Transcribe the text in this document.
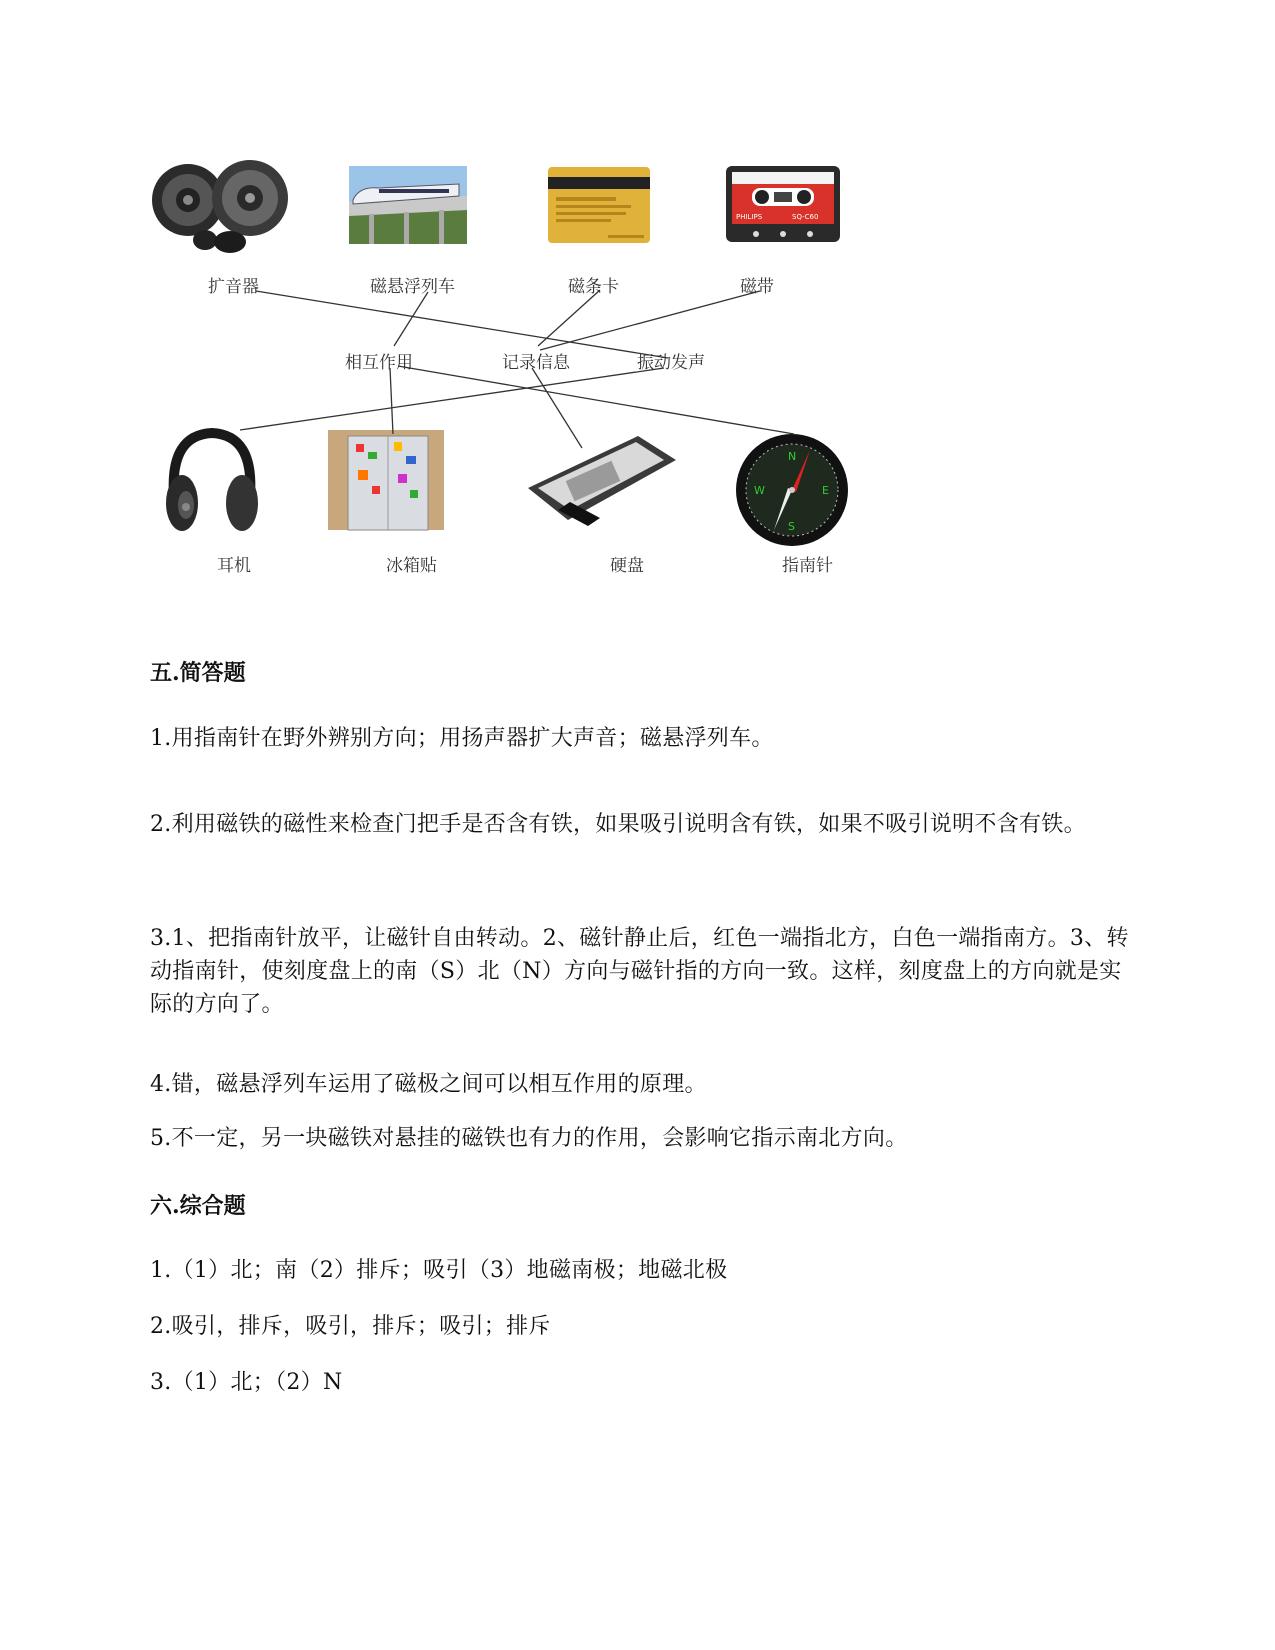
PHILIPS	SQ-C60
N
S
E
W
扩音器	磁悬浮列车	磁条卡	磁带
相互作用	记录信息	振动发声
耳机	冰箱贴	硬盘	指南针
五.简答题
1.用指南针在野外辨别方向；用扬声器扩大声音；磁悬浮列车。
2.利用磁铁的磁性来检查门把手是否含有铁，如果吸引说明含有铁，如果不吸引说明不含有铁。
3.1、把指南针放平，让磁针自由转动。2、磁针静止后，红色一端指北方，白色一端指南方。3、转动指南针，使刻度盘上的南（S）北（N）方向与磁针指的方向一致。这样，刻度盘上的方向就是实际的方向了。
4.错，磁悬浮列车运用了磁极之间可以相互作用的原理。
5.不一定，另一块磁铁对悬挂的磁铁也有力的作用，会影响它指示南北方向。
六.综合题
1.（1）北；南（2）排斥；吸引（3）地磁南极；地磁北极
2.吸引，排斥，吸引，排斥；吸引；排斥
3.（1）北；（2）N
